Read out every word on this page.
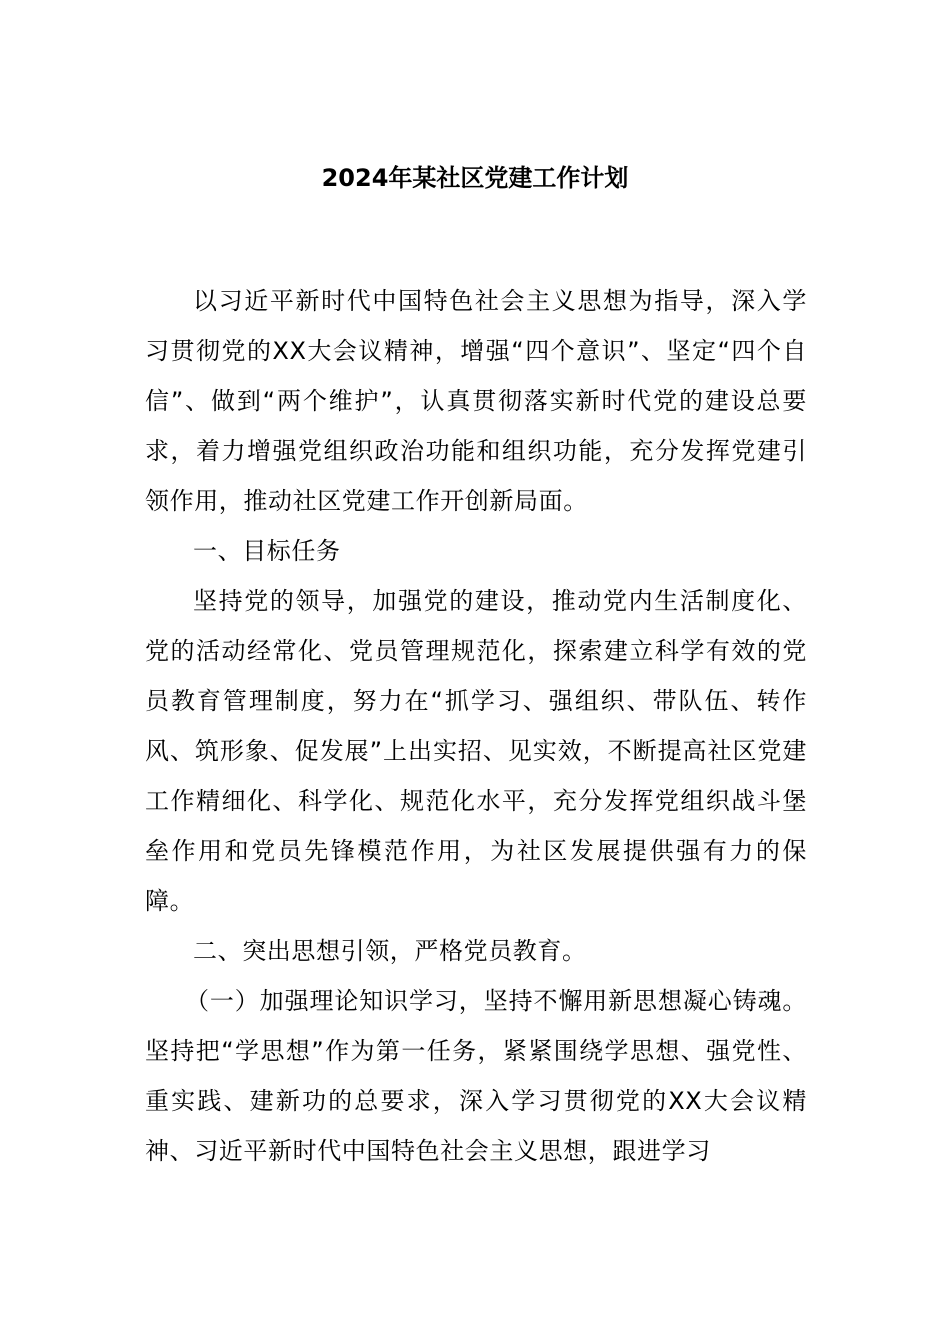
2024年某社区党建工作计划

以习近平新时代中国特色社会主义思想为指导，深入学习贯彻党的XX大会议精神，增强“四个意识”、坚定“四个自信”、做到“两个维护”，认真贯彻落实新时代党的建设总要求，着力增强党组织政治功能和组织功能，充分发挥党建引领作用，推动社区党建工作开创新局面。

一、目标任务

坚持党的领导，加强党的建设，推动党内生活制度化、党的活动经常化、党员管理规范化，探索建立科学有效的党员教育管理制度，努力在“抓学习、强组织、带队伍、转作风、筑形象、促发展”上出实招、见实效，不断提高社区党建工作精细化、科学化、规范化水平，充分发挥党组织战斗堡垒作用和党员先锋模范作用，为社区发展提供强有力的保障。

二、突出思想引领，严格党员教育。

（一）加强理论知识学习，坚持不懈用新思想凝心铸魂。坚持把“学思想”作为第一任务，紧紧围绕学思想、强党性、重实践、建新功的总要求，深入学习贯彻党的XX大会议精神、习近平新时代中国特色社会主义思想，跟进学习
